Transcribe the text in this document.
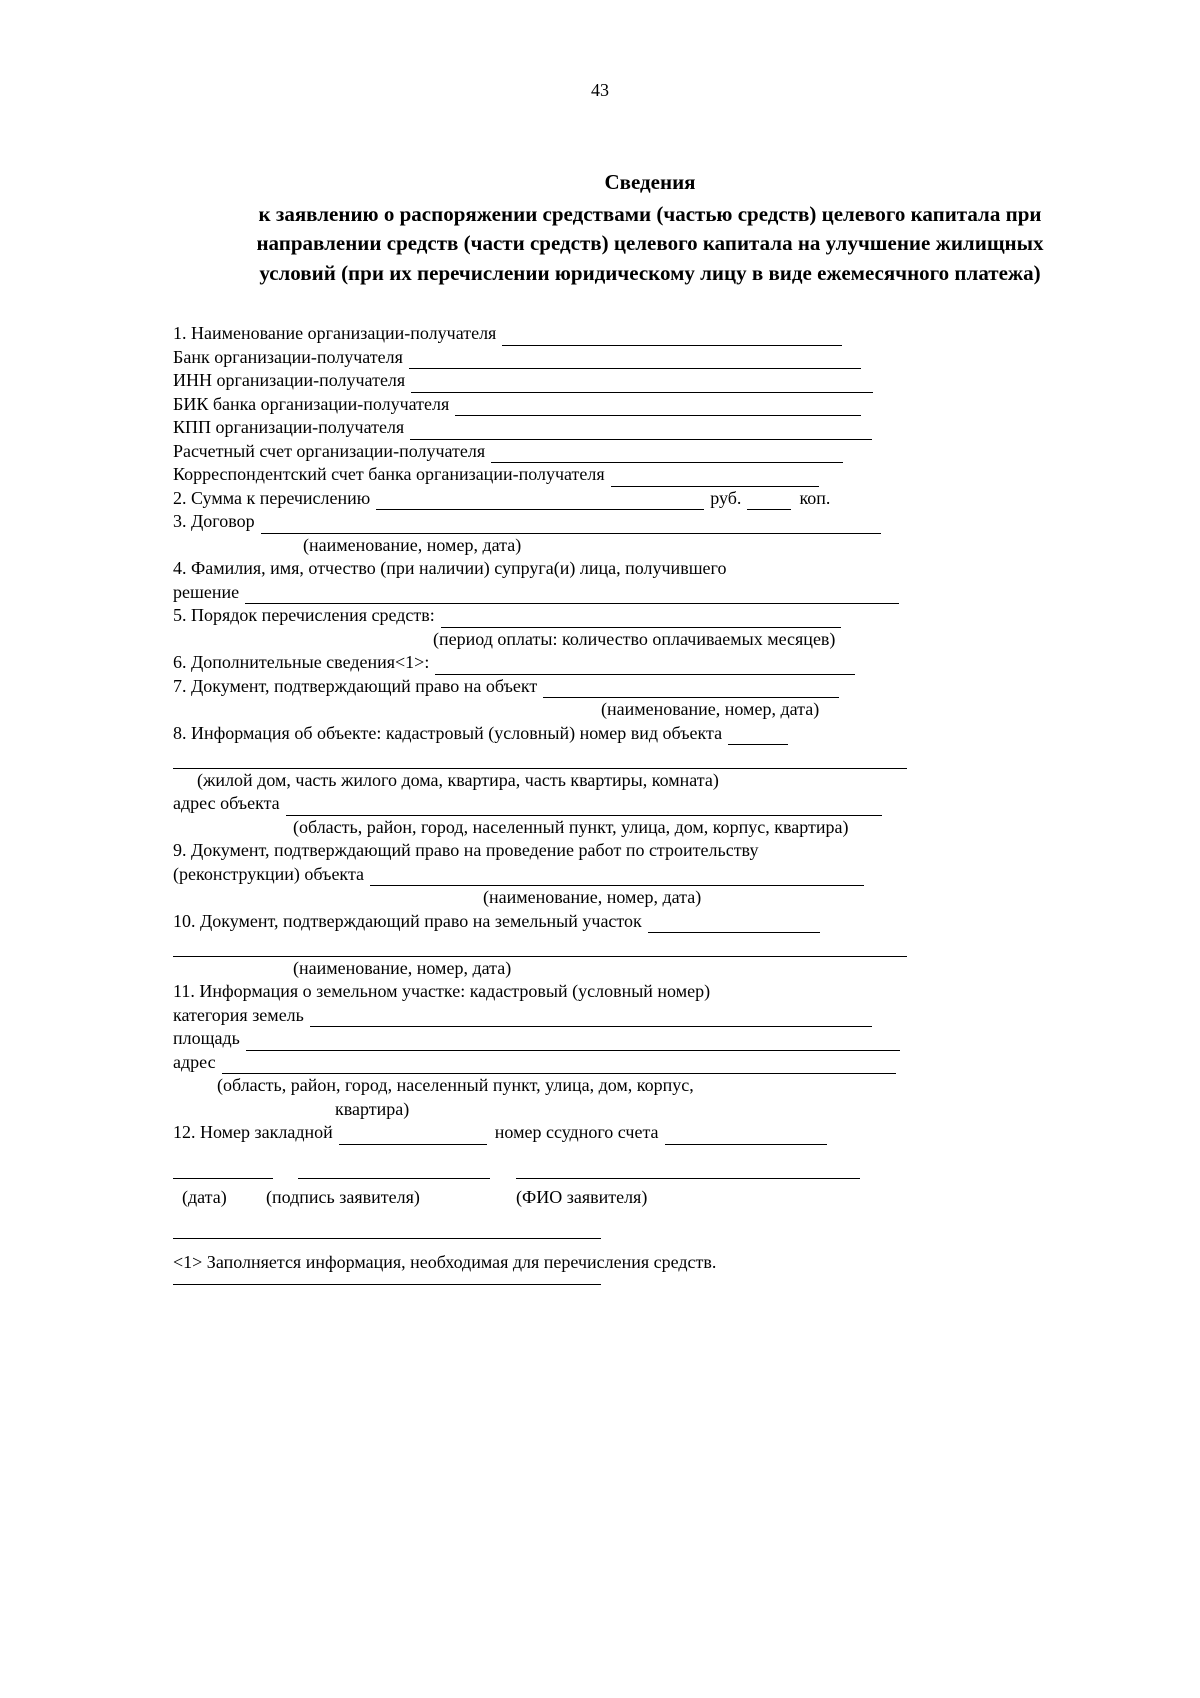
43
Сведения
к заявлению о распоряжении средствами (частью средств) целевого капитала при
направлении средств (части средств) целевого капитала на улучшение жилищных
условий (при их перечислении юридическому лицу в виде ежемесячного платежа)
1. Наименование организации-получателя
Банк организации-получателя
ИНН организации-получателя
БИК банка организации-получателя
КПП организации-получателя
Расчетный счет организации-получателя
Корреспондентский счет банка организации-получателя
2. Сумма к перечислению	руб.	коп.
3. Договор
(наименование, номер, дата)
4. Фамилия, имя, отчество (при наличии) супруга(и) лица, получившего
решение
5. Порядок перечисления средств:
(период оплаты: количество оплачиваемых месяцев)
6. Дополнительные сведения<1>:
7. Документ, подтверждающий право на объект
(наименование, номер, дата)
8. Информация об объекте: кадастровый (условный) номер вид объекта
(жилой дом, часть жилого дома, квартира, часть квартиры, комната)
адрес объекта
(область, район, город, населенный пункт, улица, дом, корпус, квартира)
9. Документ, подтверждающий право на проведение работ по строительству
(реконструкции) объекта
(наименование, номер, дата)
10. Документ, подтверждающий право на земельный участок
(наименование, номер, дата)
11. Информация о земельном участке: кадастровый (условный номер)
категория земель
площадь
адрес
(область, район, город, населенный пункт, улица, дом, корпус,
квартира)
12. Номер закладной	номер ссудного счета
(дата) (подпись заявителя)	(ФИО заявителя)
<1> Заполняется информация, необходимая для перечисления средств.
